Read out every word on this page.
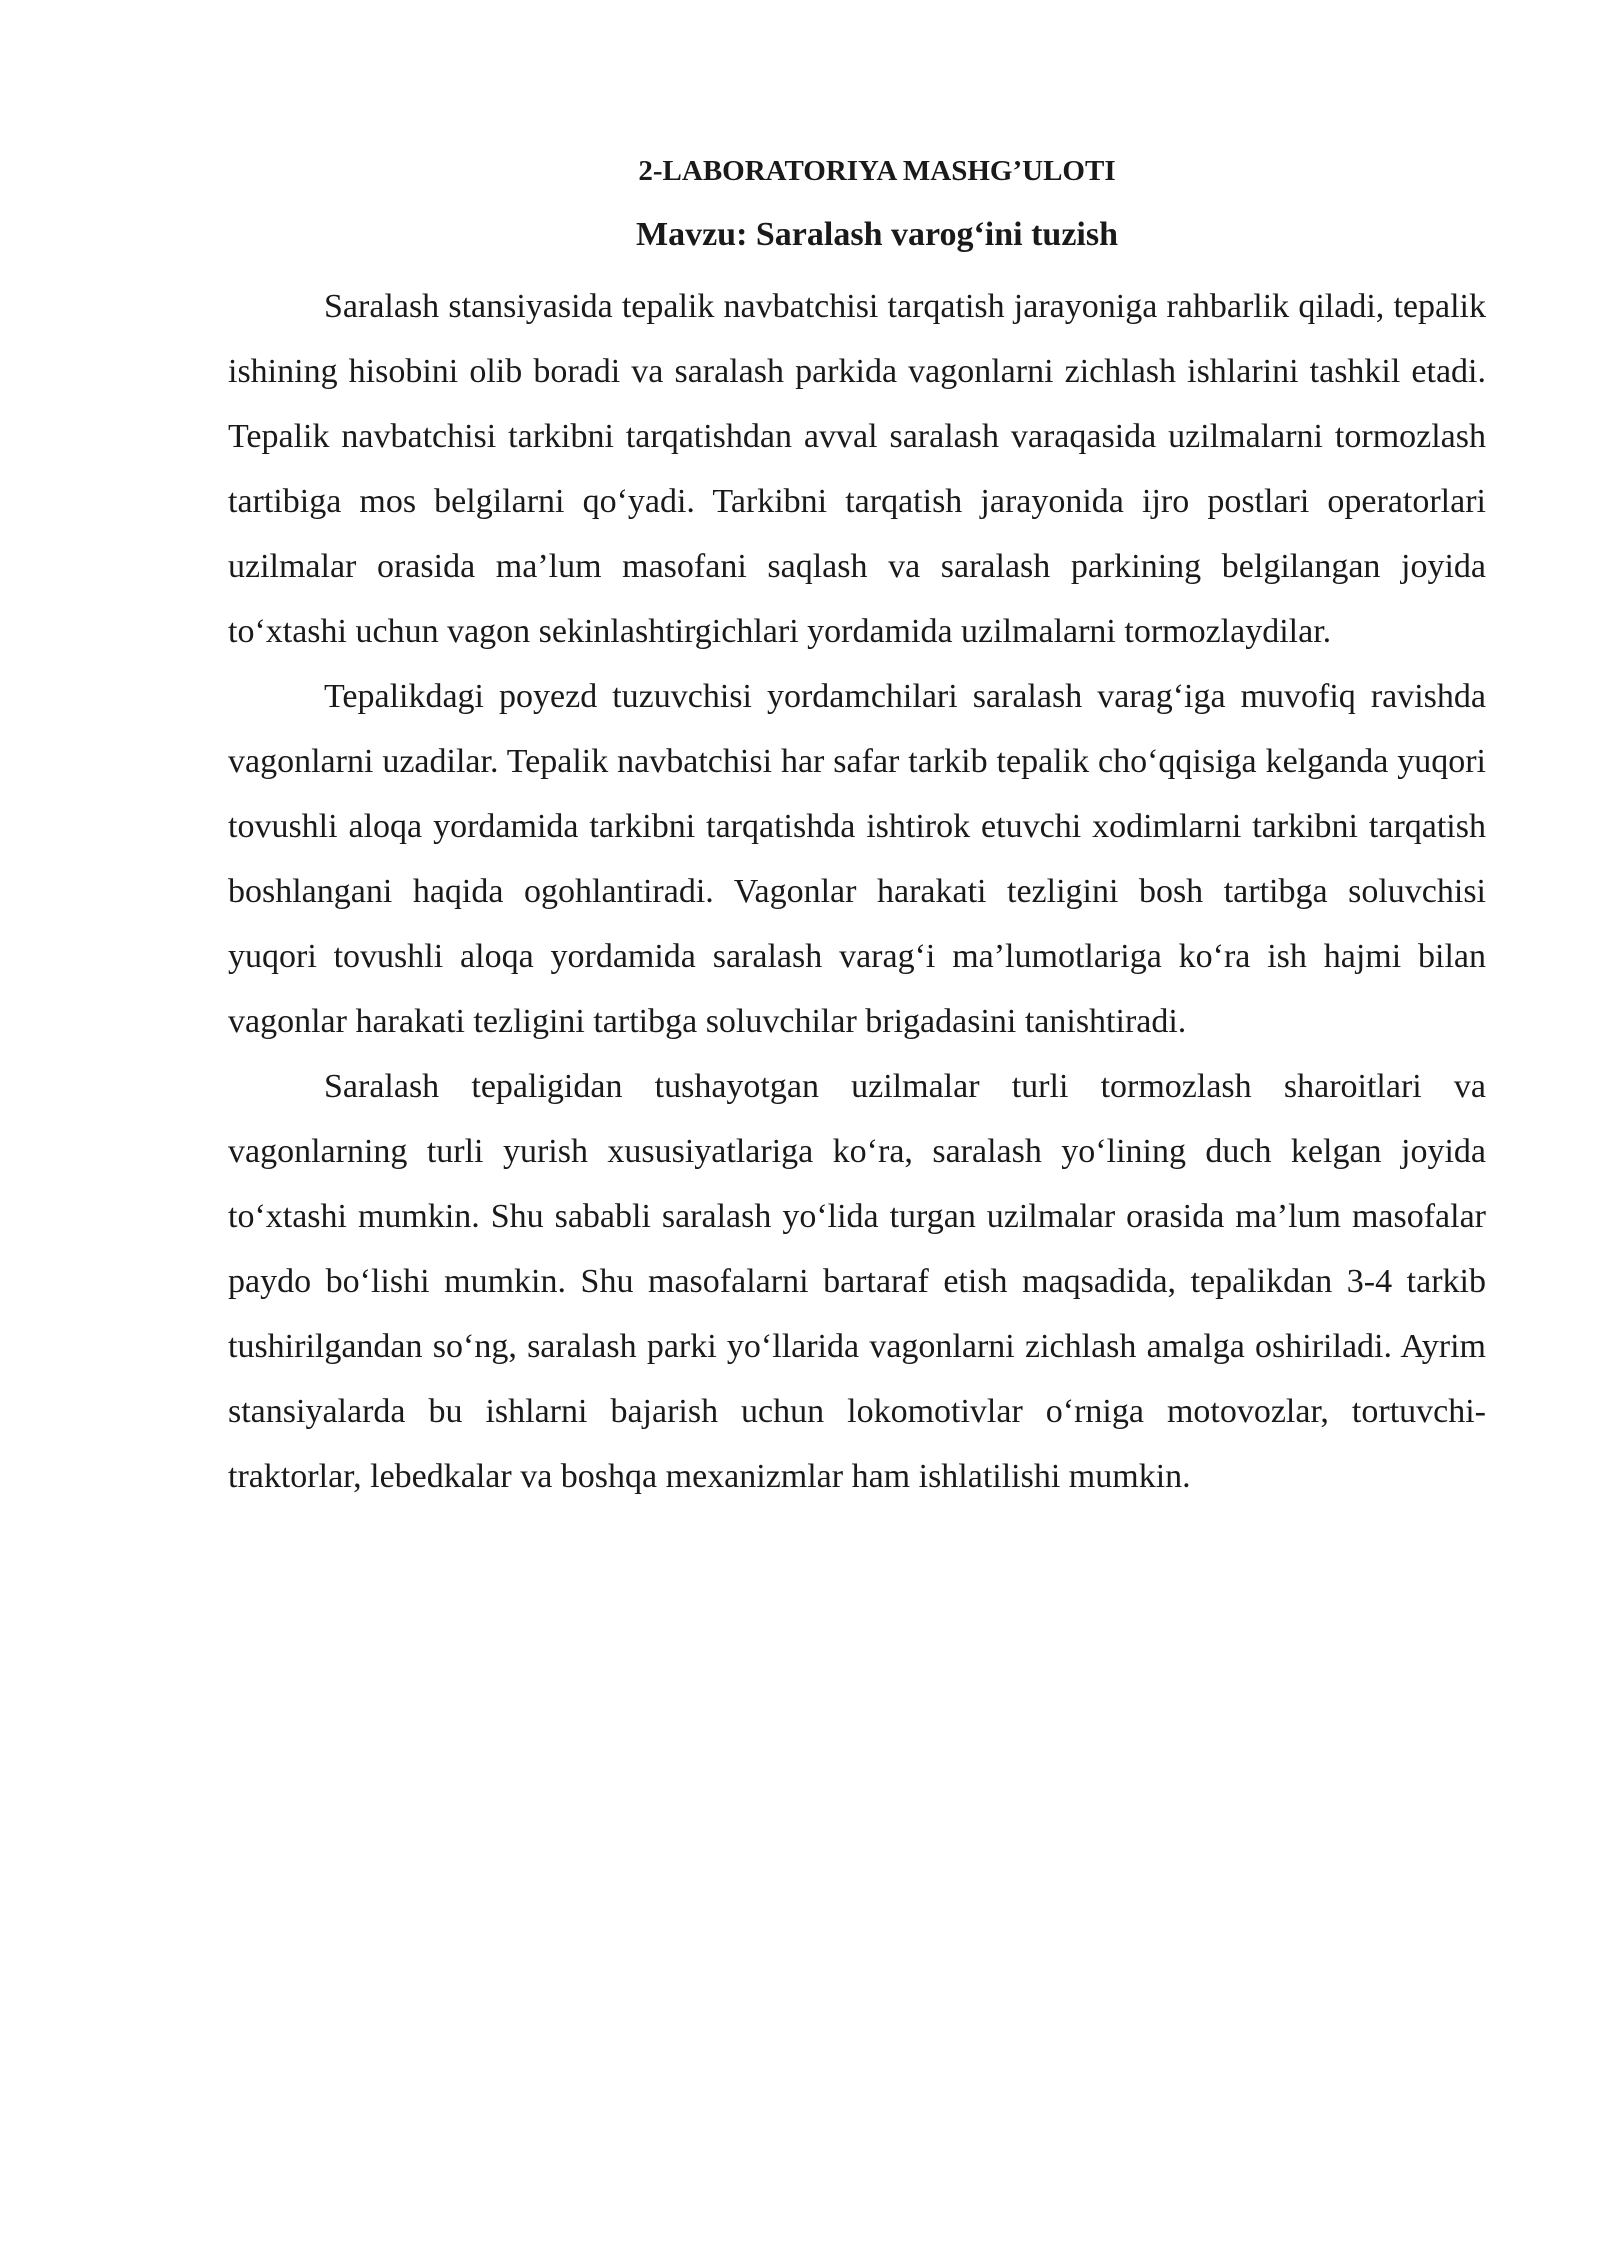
2-LABORATORIYA MASHG’ULOTI
Mavzu: Saralash varog‘ini tuzish

Saralash stansiyasida tepalik navbatchisi tarqatish jarayoniga rahbarlik qiladi, tepalik ishining hisobini olib boradi va saralash parkida vagonlarni zichlash ishlarini tashkil etadi. Tepalik navbatchisi tarkibni tarqatishdan avval saralash varaqasida uzilmalarni tormozlash tartibiga mos belgilarni qo‘yadi. Tarkibni tarqatish jarayonida ijro postlari operatorlari uzilmalar orasida ma’lum masofani saqlash va saralash parkining belgilangan joyida to‘xtashi uchun vagon sekinlashtirgichlari yordamida uzilmalarni tormozlaydilar.

Tepalikdagi poyezd tuzuvchisi yordamchilari saralash varag‘iga muvofiq ravishda vagonlarni uzadilar. Tepalik navbatchisi har safar tarkib tepalik cho‘qqisiga kelganda yuqori tovushli aloqa yordamida tarkibni tarqatishda ishtirok etuvchi xodimlarni tarkibni tarqatish boshlangani haqida ogohlantiradi. Vagonlar harakati tezligini bosh tartibga soluvchisi yuqori tovushli aloqa yordamida saralash varag‘i ma’lumotlariga ko‘ra ish hajmi bilan vagonlar harakati tezligini tartibga soluvchilar brigadasini tanishtiradi.

Saralash tepaligidan tushayotgan uzilmalar turli tormozlash sharoitlari va vagonlarning turli yurish xususiyatlariga ko‘ra, saralash yo‘lining duch kelgan joyida to‘xtashi mumkin. Shu sababli saralash yo‘lida turgan uzilmalar orasida ma’lum masofalar paydo bo‘lishi mumkin. Shu masofalarni bartaraf etish maqsadida, tepalikdan 3-4 tarkib tushirilgandan so‘ng, saralash parki yo‘llarida vagonlarni zichlash amalga oshiriladi. Ayrim stansiyalarda bu ishlarni bajarish uchun lokomotivlar o‘rniga motovozlar, tortuvchi-traktorlar, lebedkalar va boshqa mexanizmlar ham ishlatilishi mumkin.
